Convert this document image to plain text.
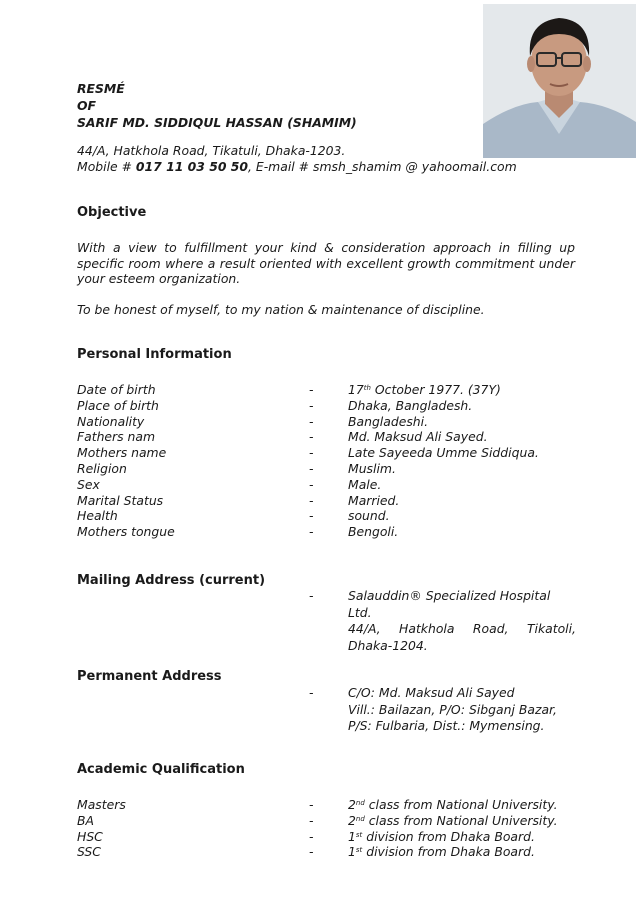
RESMÉ
OF
SARIF MD. SIDDIQUL HASSAN (SHAMIM)
44/A, Hatkhola Road, Tikatuli, Dhaka-1203.
Mobile # 017 11 03 50 50, E-mail # smsh_shamim @ yahoomail.com
Objective
With a view to fulfillment your kind & consideration approach in filling up specific room where a result oriented with excellent growth commitment under your esteem organization.
To be honest of myself, to my nation & maintenance of discipline.
Personal Information
Date of birth	-	17th October 1977. (37Y)
Place of birth	-	Dhaka, Bangladesh.
Nationality	-	Bangladeshi.
Fathers nam	-	Md. Maksud Ali Sayed.
Mothers name	-	Late Sayeeda Umme Siddiqua.
Religion	-	Muslim.
Sex	-	Male.
Marital Status	-	Married.
Health	-	sound.
Mothers tongue	-	Bengoli.
Mailing Address (current)
-	Salauddin® Specialized Hospital Ltd.
44/A, Hatkhola Road, Tikatoli,
Dhaka-1204.
Permanent Address
-	C/O: Md. Maksud Ali Sayed
Vill.: Bailazan, P/O: Sibganj Bazar,
P/S: Fulbaria, Dist.: Mymensing.
Academic Qualification
Masters	-	2nd class from National University.
BA	-	2nd class from National University.
HSC	-	1st division from Dhaka Board.
SSC	-	1st division from Dhaka Board.
